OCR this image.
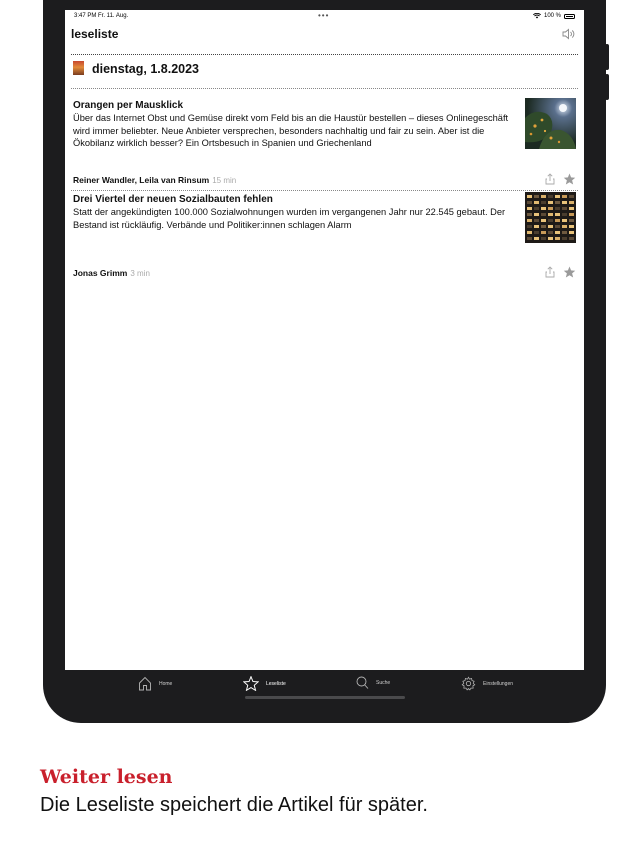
3:47 PM Fr. 11. Aug.	•••	100 %
leseliste
dienstag, 1.8.2023
Orangen per Mausklick
Über das Internet Obst und Gemüse direkt vom Feld bis an die Haustür bestellen – dieses Onlinegeschäft wird immer beliebter. Neue Anbieter versprechen, besonders nachhaltig und fair zu sein. Aber ist die Ökobilanz wirklich besser? Ein Ortsbesuch in Spanien und Griechenland
Reiner Wandler, Leila van Rinsum 15 min
Drei Viertel der neuen Sozialbauten fehlen
Statt der angekündigten 100.000 Sozialwohnungen wurden im vergangenen Jahr nur 22.545 gebaut. Der Bestand ist rückläufig. Verbände und Politiker:innen schlagen Alarm
Jonas Grimm 3 min
Home	Leseliste	Suche	Einstellungen
Weiter lesen
Die Leseliste speichert die Artikel für später.
